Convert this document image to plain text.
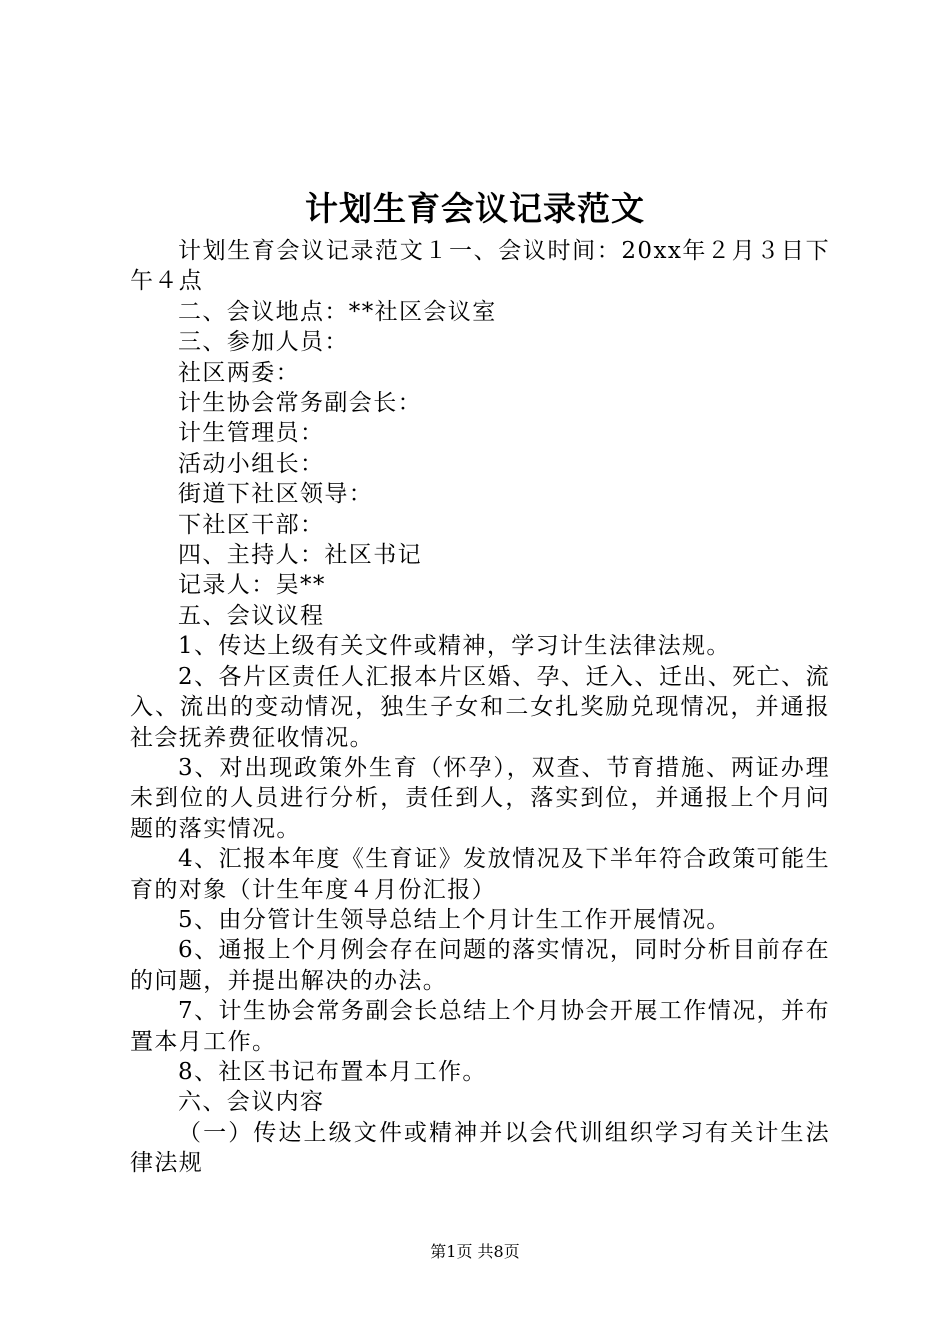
计划生育会议记录范文

计划生育会议记录范文１一、会议时间：20xx年２月３日下午４点

二、会议地点：**社区会议室

三、参加人员：

社区两委：

计生协会常务副会长：

计生管理员：

活动小组长：

街道下社区领导：

下社区干部：

四、主持人：社区书记

记录人：吴**

五、会议议程

1、传达上级有关文件或精神，学习计生法律法规。

2、各片区责任人汇报本片区婚、孕、迁入、迁出、死亡、流入、流出的变动情况，独生子女和二女扎奖励兑现情况，并通报社会抚养费征收情况。

3、对出现政策外生育（怀孕），双查、节育措施、两证办理未到位的人员进行分析，责任到人，落实到位，并通报上个月问题的落实情况。

4、汇报本年度《生育证》发放情况及下半年符合政策可能生育的对象（计生年度４月份汇报）

5、由分管计生领导总结上个月计生工作开展情况。

6、通报上个月例会存在问题的落实情况，同时分析目前存在的问题，并提出解决的办法。

7、计生协会常务副会长总结上个月协会开展工作情况，并布置本月工作。

8、社区书记布置本月工作。

六、会议内容

（一）传达上级文件或精神并以会代训组织学习有关计生法律法规

第1页 共8页
